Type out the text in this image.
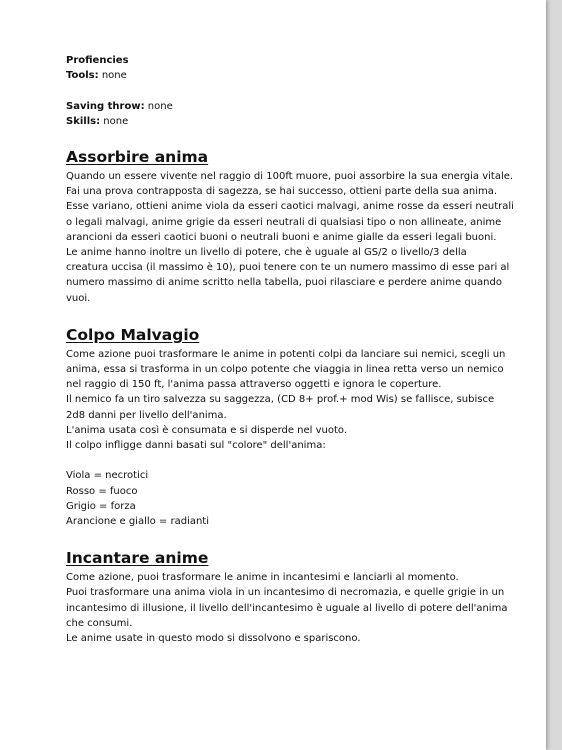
Profiencies
Tools: none
Saving throw: none
Skills: none
Assorbire anima
Quando un essere vivente nel raggio di 100ft muore, puoi assorbire la sua energia vitale.
Fai una prova contrapposta di sagezza, se hai successo, ottieni parte della sua anima.
Esse variano, ottieni anime viola da esseri caotici malvagi, anime rosse da esseri neutrali
o legali malvagi, anime grigie da esseri neutrali di qualsiasi tipo o non allineate, anime
arancioni da esseri caotici buoni o neutrali buoni e anime gialle da esseri legali buoni.
Le anime hanno inoltre un livello di potere, che è uguale al GS/2 o livello/3 della
creatura uccisa (il massimo è 10), puoi tenere con te un numero massimo di esse pari al
numero massimo di anime scritto nella tabella, puoi rilasciare e perdere anime quando
vuoi.
Colpo Malvagio
Come azione puoi trasformare le anime in potenti colpi da lanciare sui nemici, scegli un
anima, essa si trasforma in un colpo potente che viaggia in linea retta verso un nemico
nel raggio di 150 ft, l'anima passa attraverso oggetti e ignora le coperture.
Il nemico fa un tiro salvezza su saggezza, (CD 8+ prof.+ mod Wis) se fallisce, subisce
2d8 danni per livello dell'anima.
L'anima usata così è consumata e si disperde nel vuoto.
Il colpo infligge danni basati sul "colore" dell'anima:
Viola = necrotici
Rosso = fuoco
Grigio = forza
Arancione e giallo = radianti
Incantare anime
Come azione, puoi trasformare le anime in incantesimi e lanciarli al momento.
Puoi trasformare una anima viola in un incantesimo di necromazia, e quelle grigie in un
incantesimo di illusione, il livello dell'incantesimo è uguale al livello di potere dell'anima
che consumi.
Le anime usate in questo modo si dissolvono e spariscono.
